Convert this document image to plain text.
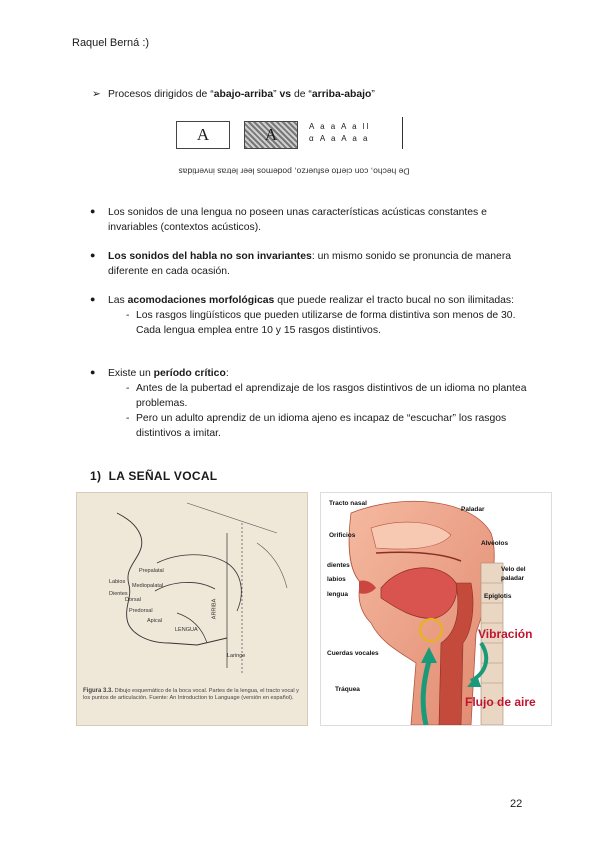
Raquel Berná :)
➢ Procesos dirigidos de “abajo-arriba” vs de “arriba-abajo”
A	A	A a a A a ll
α A a A a a
De hecho, con cierto esfuerzo, podemos leer letras invertidas
● Los sonidos de una lengua no poseen unas características acústicas constantes e invariables (contextos acústicos).
● Los sonidos del habla no son invariantes: un mismo sonido se pronuncia de manera diferente en cada ocasión.
● Las acomodaciones morfológicas que puede realizar el tracto bucal no son ilimitadas:
- Los rasgos lingüísticos que pueden utilizarse de forma distintiva son menos de 30. Cada lengua emplea entre 10 y 15 rasgos distintivos.
● Existe un período crítico:
- Antes de la pubertad el aprendizaje de los rasgos distintivos de un idioma no plantea problemas.
- Pero un adulto aprendiz de un idioma ajeno es incapaz de “escuchar” los rasgos distintivos a imitar.
1) LA SEÑAL VOCAL
Prepalatal
Mediopalatal
Dorsal
Predorsal
Apical
ARRIBA
LENGUA
Laringe
Labios
Dientes
Figura 3.3. Dibujo esquemático de la boca vocal. Partes de la lengua, el tracto vocal y los puntos de articulación. Fuente: An Introduction to Language (versión en español).
Tracto nasal
Paladar
Orificios
Alvéolos
dientes
labios
lengua
Velo del paladar
Epiglotis
Cuerdas vocales
Tráquea
Vibración
Flujo de aire
22
